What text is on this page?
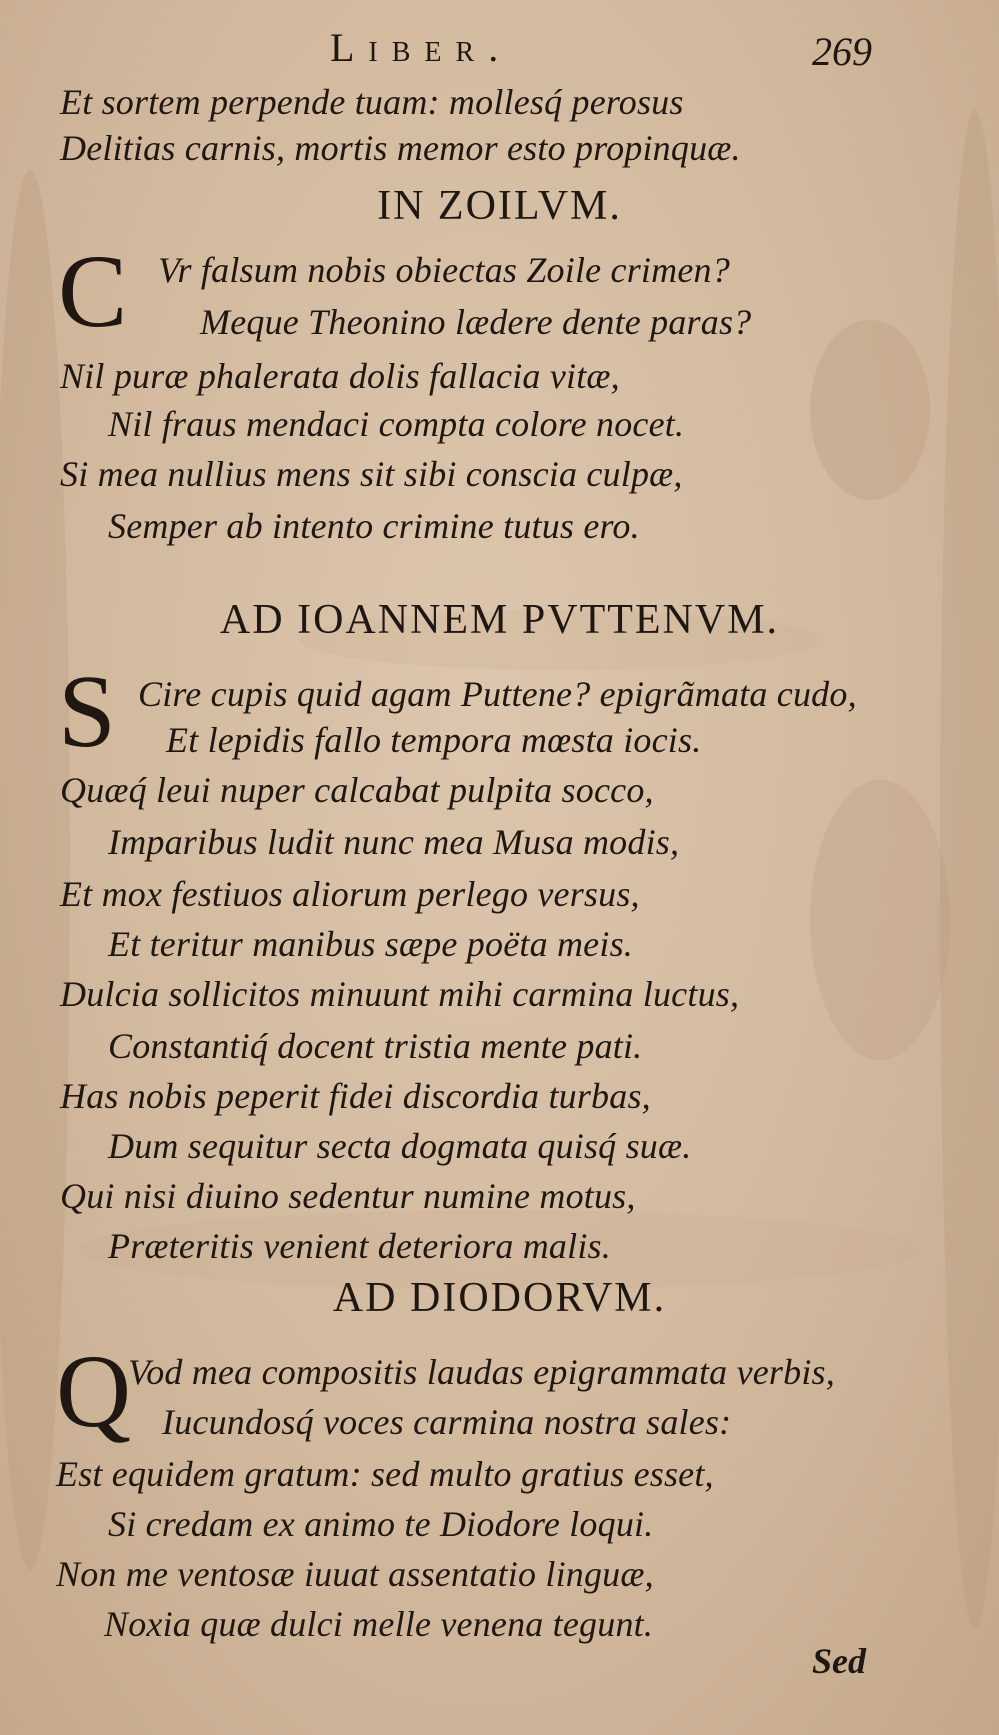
Liber.	269
Et sortem perpende tuam: mollesq́ perosus
Delitias carnis, mortis memor esto propinquæ.
IN ZOILVM.
C Vr falsum nobis obiectas Zoile crimen?
Meque Theonino lædere dente paras?
Nil puræ phalerata dolis fallacia vitæ,
Nil fraus mendaci compta colore nocet.
Si mea nullius mens sit sibi conscia culpæ,
Semper ab intento crimine tutus ero.
AD IOANNEM PVTTENVM.
S Cire cupis quid agam Puttene? epigrãmata cudo,
Et lepidis fallo tempora mœsta iocis.
Quæq́ leui nuper calcabat pulpita socco,
Imparibus ludit nunc mea Musa modis,
Et mox festiuos aliorum perlego versus,
Et teritur manibus sæpe poëta meis.
Dulcia sollicitos minuunt mihi carmina luctus,
Constantiq́ docent tristia mente pati.
Has nobis peperit fidei discordia turbas,
Dum sequitur secta dogmata quisq́ suæ.
Qui nisi diuino sedentur numine motus,
Præteritis venient deteriora malis.
AD DIODORVM.
Q
Vod mea compositis laudas epigrammata verbis,
Iucundosq́ voces carmina nostra sales:
Est equidem gratum: sed multo gratius esset,
Si credam ex animo te Diodore loqui.
Non me ventosæ iuuat assentatio linguæ,
Noxia quæ dulci melle venena tegunt.
Sed
